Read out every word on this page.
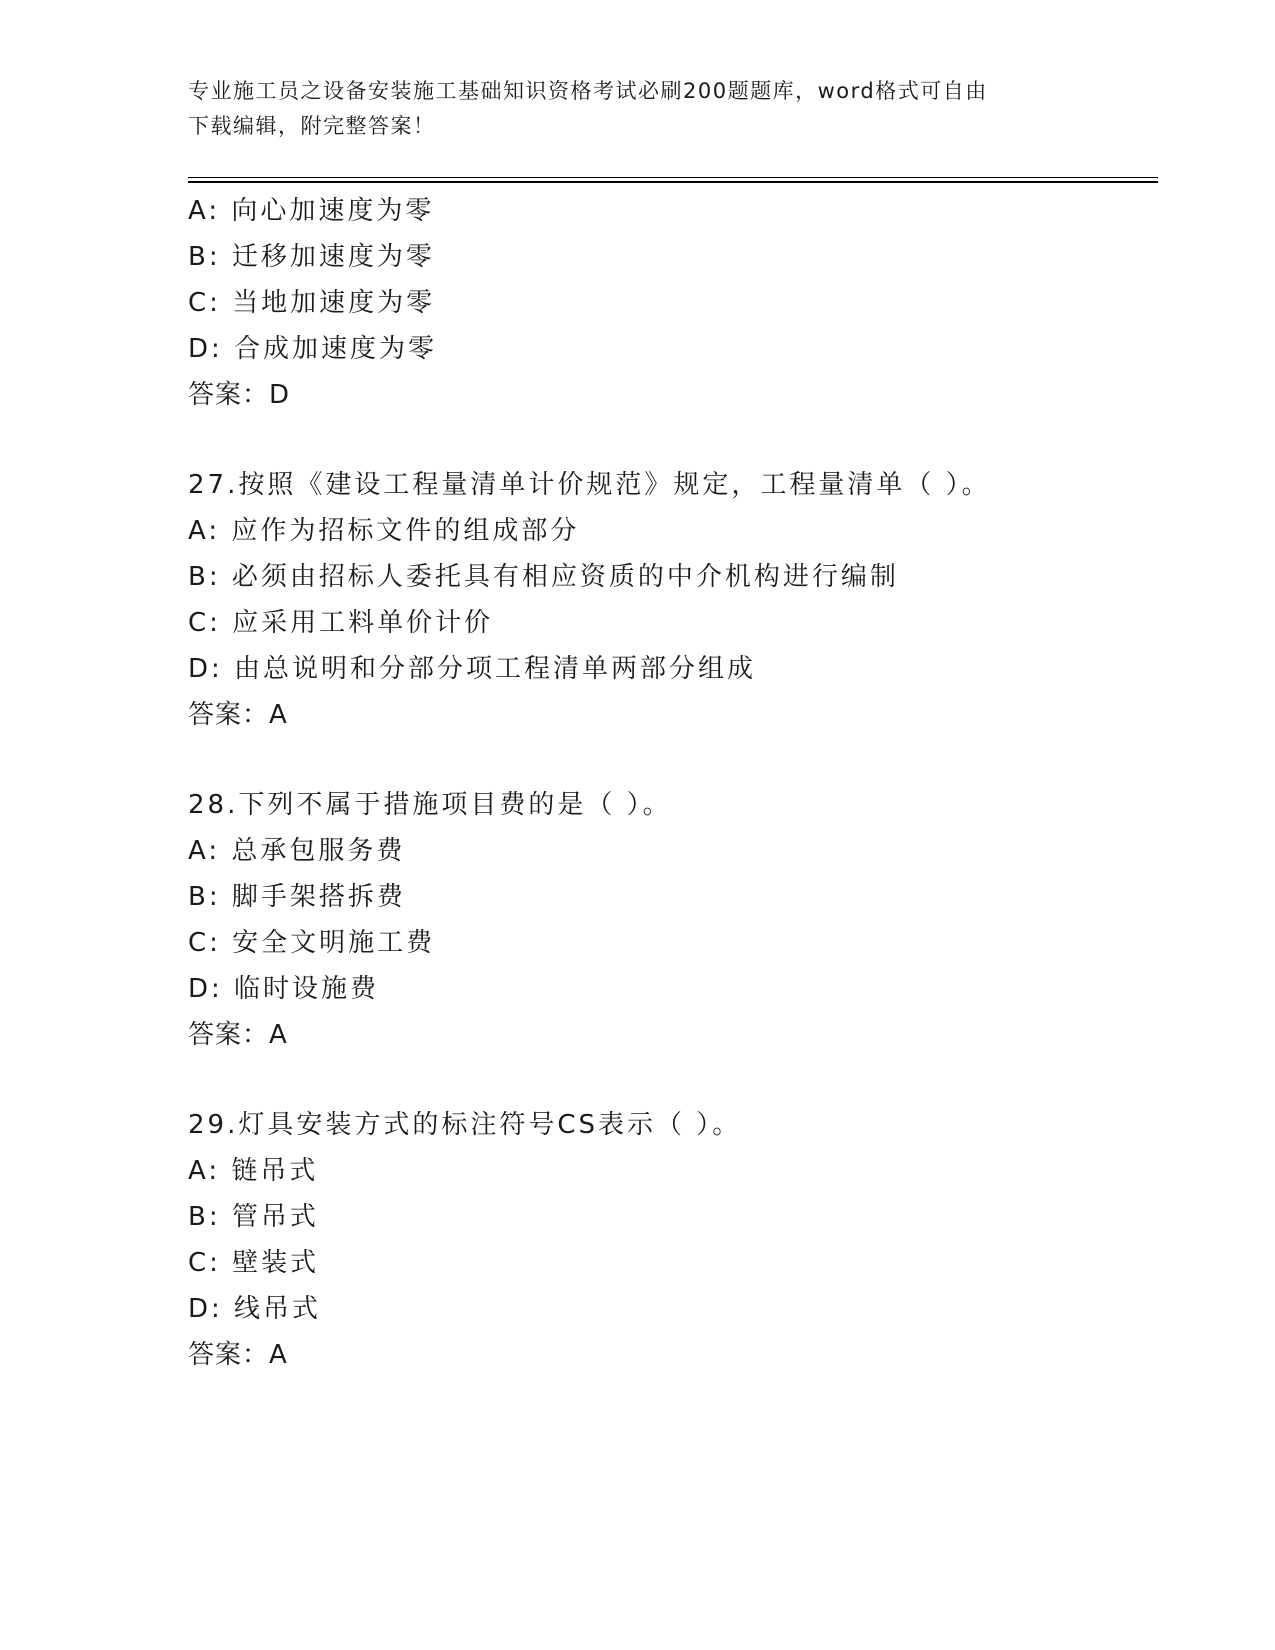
专业施工员之设备安装施工基础知识资格考试必刷200题题库，word格式可自由
下载编辑，附完整答案！
A: 向心加速度为零
B: 迁移加速度为零
C: 当地加速度为零
D: 合成加速度为零
答案：D
27.按照《建设工程量清单计价规范》规定，工程量清单（ ）。
A: 应作为招标文件的组成部分
B: 必须由招标人委托具有相应资质的中介机构进行编制
C: 应采用工料单价计价
D: 由总说明和分部分项工程清单两部分组成
答案：A
28.下列不属于措施项目费的是（ ）。
A: 总承包服务费
B: 脚手架搭拆费
C: 安全文明施工费
D: 临时设施费
答案：A
29.灯具安装方式的标注符号CS表示（ ）。
A: 链吊式
B: 管吊式
C: 壁装式
D: 线吊式
答案：A
